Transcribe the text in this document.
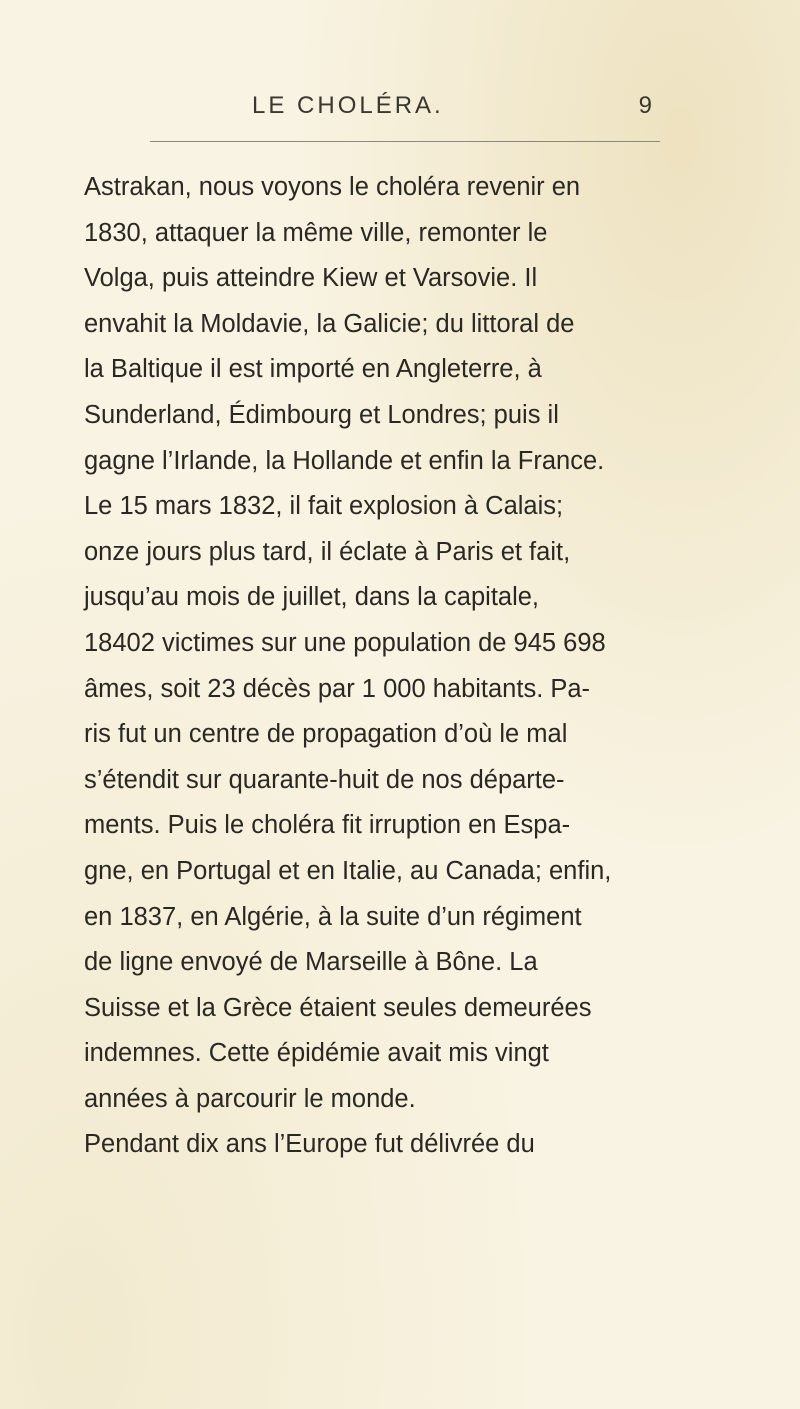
LE CHOLÉRA.	9
Astrakan, nous voyons le choléra revenir en
1830, attaquer la même ville, remonter le
Volga, puis atteindre Kiew et Varsovie. Il
envahit la Moldavie, la Galicie; du littoral de
la Baltique il est importé en Angleterre, à
Sunderland, Édimbourg et Londres; puis il
gagne l’Irlande, la Hollande et enfin la France.
Le 15 mars 1832, il fait explosion à Calais;
onze jours plus tard, il éclate à Paris et fait,
jusqu’au mois de juillet, dans la capitale,
18402 victimes sur une population de 945 698
âmes, soit 23 décès par 1 000 habitants. Pa-
ris fut un centre de propagation d’où le mal
s’étendit sur quarante-huit de nos départe-
ments. Puis le choléra fit irruption en Espa-
gne, en Portugal et en Italie, au Canada; enfin,
en 1837, en Algérie, à la suite d’un régiment
de ligne envoyé de Marseille à Bône. La
Suisse et la Grèce étaient seules demeurées
indemnes. Cette épidémie avait mis vingt
années à parcourir le monde.
Pendant dix ans l’Europe fut délivrée du
